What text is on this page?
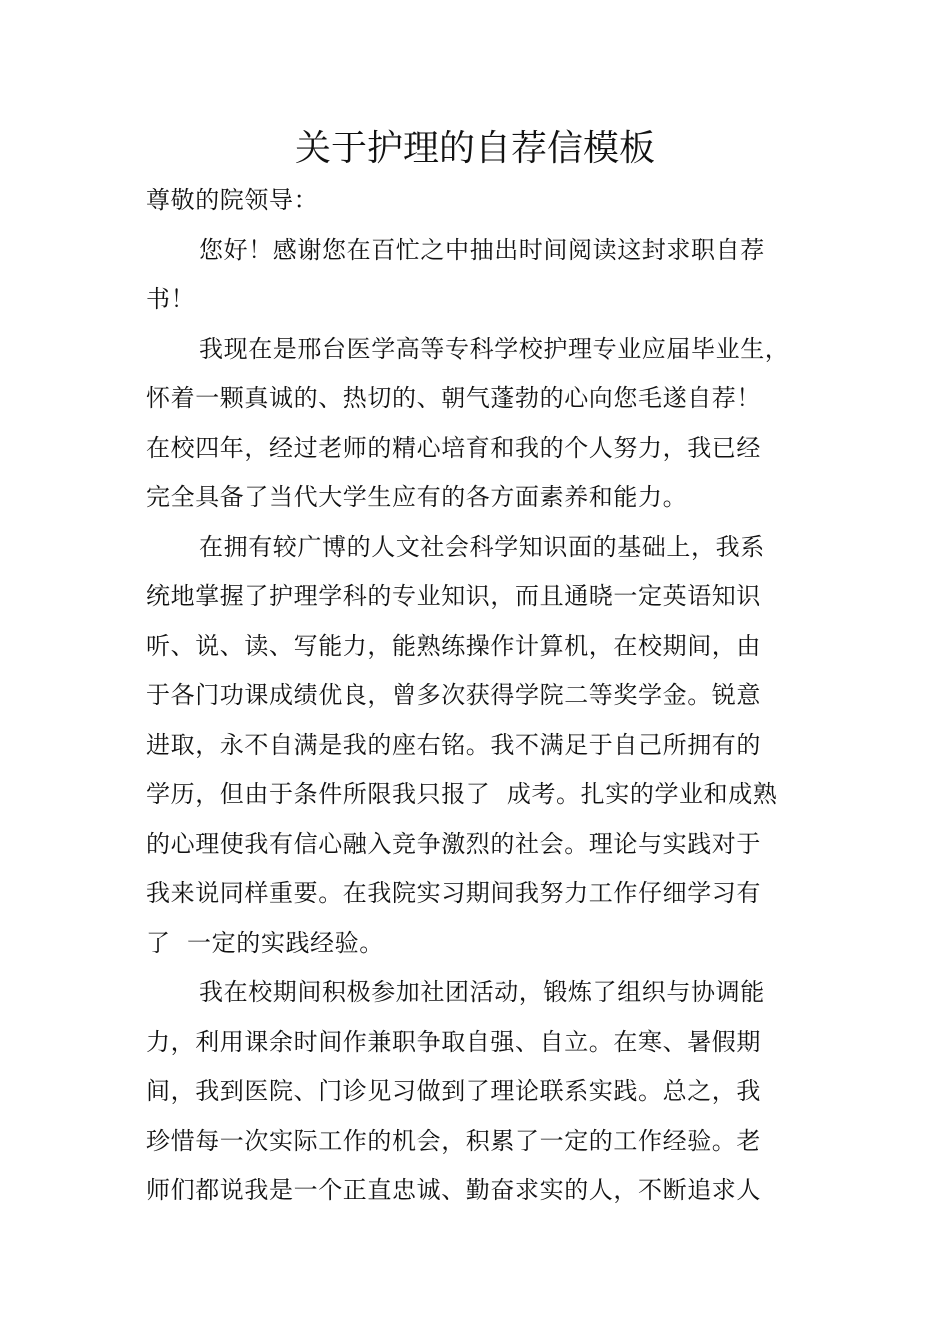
关于护理的自荐信模板

尊敬的院领导：

您好！感谢您在百忙之中抽出时间阅读这封求职自荐
书！

我现在是邢台医学高等专科学校护理专业应届毕业生，
怀着一颗真诚的、热切的、朝气蓬勃的心向您毛遂自荐！
在校四年，经过老师的精心培育和我的个人努力，我已经
完全具备了当代大学生应有的各方面素养和能力。

在拥有较广博的人文社会科学知识面的基础上，我系
统地掌握了护理学科的专业知识，而且通晓一定英语知识
听、说、读、写能力，能熟练操作计算机，在校期间，由
于各门功课成绩优良，曾多次获得学院二等奖学金。锐意
进取，永不自满是我的座右铭。我不满足于自己所拥有的
学历，但由于条件所限我只报了  成考。扎实的学业和成熟
的心理使我有信心融入竞争激烈的社会。理论与实践对于
我来说同样重要。在我院实习期间我努力工作仔细学习有
了  一定的实践经验。

我在校期间积极参加社团活动，锻炼了组织与协调能
力，利用课余时间作兼职争取自强、自立。在寒、暑假期
间，我到医院、门诊见习做到了理论联系实践。总之，我
珍惜每一次实际工作的机会，积累了一定的工作经验。老
师们都说我是一个正直忠诚、勤奋求实的人，不断追求人
